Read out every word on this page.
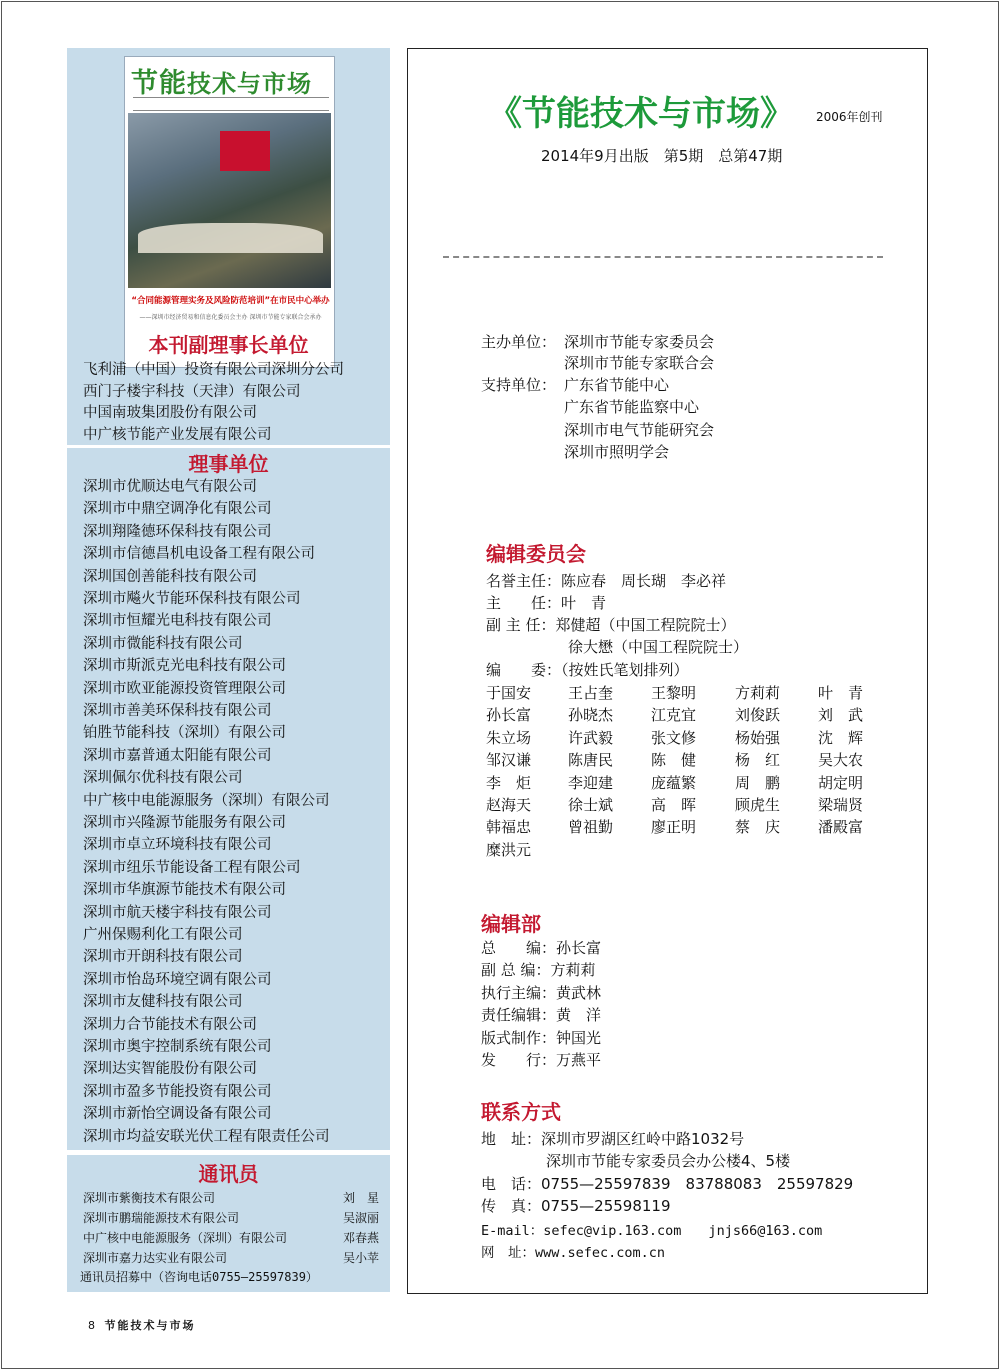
节能技术与市场
“合同能源管理实务及风险防范培训”在市民中心举办
——深圳市经济贸易和信息化委员会主办 深圳市节能专家联合会承办
本刊副理事长单位
飞利浦（中国）投资有限公司深圳分公司
西门子楼宇科技（天津）有限公司
中国南玻集团股份有限公司
中广核节能产业发展有限公司
理事单位
深圳市优顺达电气有限公司
深圳市中鼎空调净化有限公司
深圳翔隆德环保科技有限公司
深圳市信德昌机电设备工程有限公司
深圳国创善能科技有限公司
深圳市飚火节能环保科技有限公司
深圳市恒耀光电科技有限公司
深圳市微能科技有限公司
深圳市斯派克光电科技有限公司
深圳市欧亚能源投资管理限公司
深圳市善美环保科技有限公司
铂胜节能科技（深圳）有限公司
深圳市嘉普通太阳能有限公司
深圳佩尔优科技有限公司
中广核中电能源服务（深圳）有限公司
深圳市兴隆源节能服务有限公司
深圳市卓立环境科技有限公司
深圳市纽乐节能设备工程有限公司
深圳市华旗源节能技术有限公司
深圳市航天楼宇科技有限公司
广州保赐利化工有限公司
深圳市开朗科技有限公司
深圳市怡岛环境空调有限公司
深圳市友健科技有限公司
深圳力合节能技术有限公司
深圳市奥宇控制系统有限公司
深圳达实智能股份有限公司
深圳市盈多节能投资有限公司
深圳市新怡空调设备有限公司
深圳市均益安联光伏工程有限责任公司
通讯员
深圳市紫衡技术有限公司	刘　星
深圳市鹏瑞能源技术有限公司	吴淑丽
中广核中电能源服务（深圳）有限公司	邓春燕
深圳市嘉力达实业有限公司	吴小苹
通讯员招募中（咨询电话0755—25597839）
《节能技术与市场》 2006年创刊
2014年9月出版　第5期　总第47期
主办单位： 深圳市节能专家委员会
深圳市节能专家联合会
支持单位： 广东省节能中心
广东省节能监察中心
深圳市电气节能研究会
深圳市照明学会
编辑委员会
名誉主任：陈应春　周长瑚　李必祥
主　　任：叶　青
副 主 任：郑健超（中国工程院院士）
徐大懋（中国工程院院士）
编　　委：（按姓氏笔划排列）
于国安 王占奎	王黎明	方莉莉	叶　青
孙长富 孙晓杰	江克宜	刘俊跃	刘　武
朱立场 许武毅	张文修	杨始强	沈　辉
邹汉谦 陈唐民	陈　健	杨　红	吴大农
李　炬 李迎建	庞蕴繁	周　鹏	胡定明
赵海天 徐士斌	高　晖	顾虎生	梁瑞贤
韩福忠 曾祖勤	廖正明	蔡　庆	潘殿富
糜洪元
编辑部
总　　编：孙长富
副 总 编：方莉莉
执行主编：黄武林
责任编辑：黄　洋
版式制作：钟国光
发　　行：万燕平
联系方式
地　址：深圳市罗湖区红岭中路1032号
深圳市节能专家委员会办公楼4、5楼
电　话：0755—25597839　83788083　25597829
传　真：0755—25598119
E-mail：sefec@vip.163.com　　jnjs66@163.com
网　址：www.sefec.com.cn
8 节能技术与市场
